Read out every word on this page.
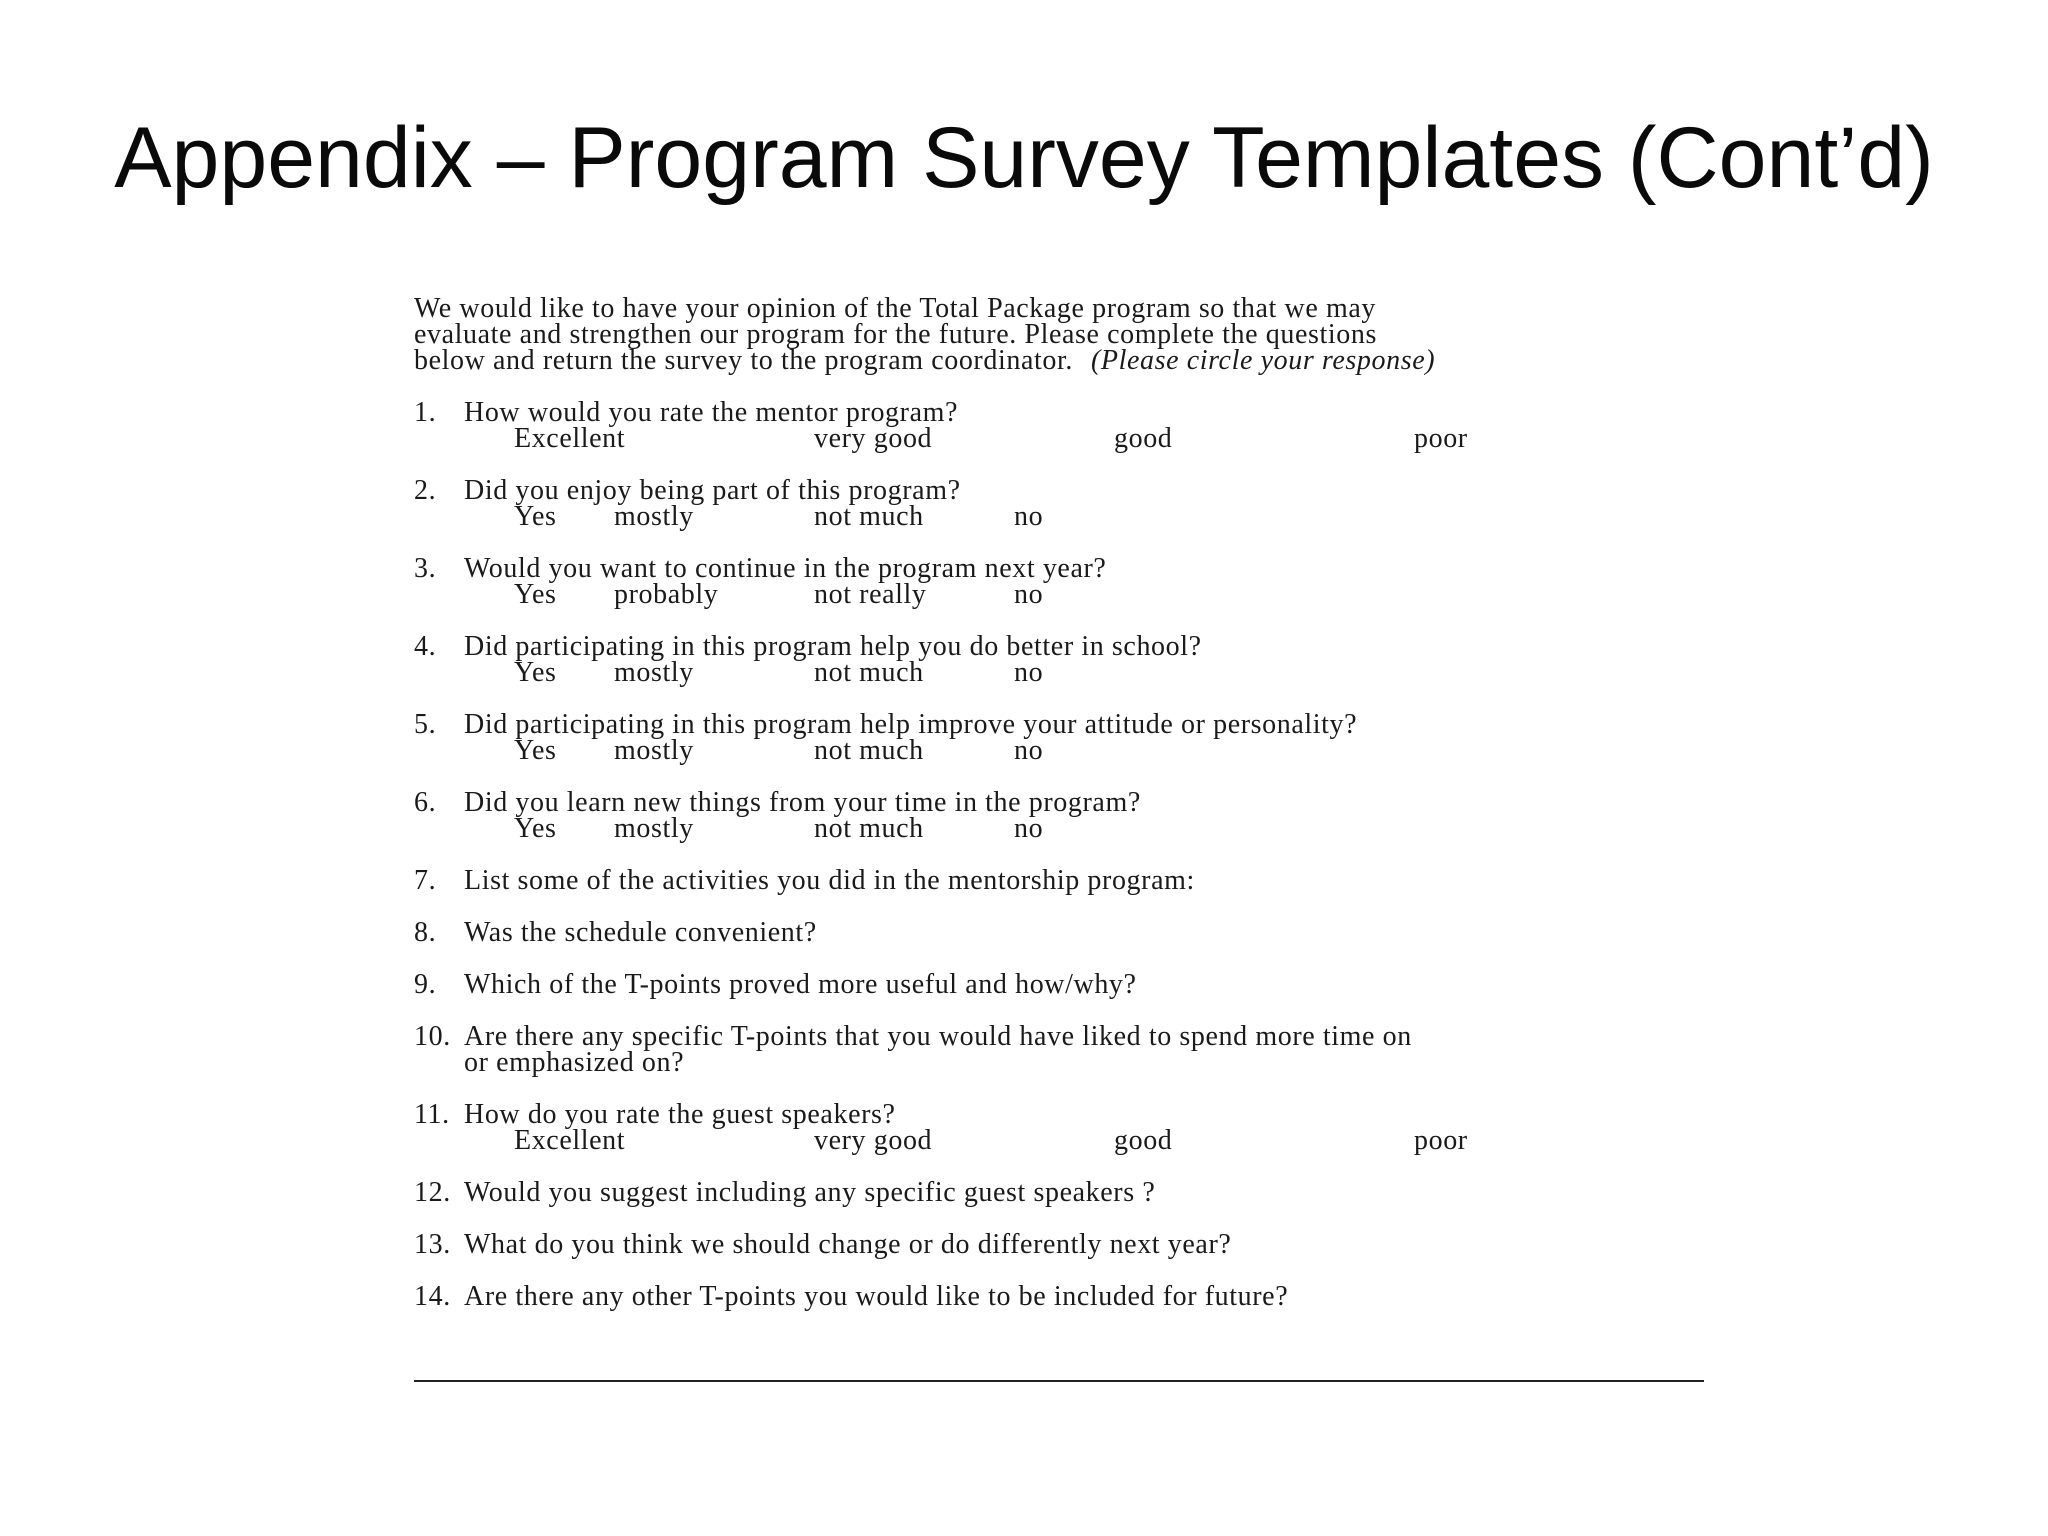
Appendix – Program Survey Templates (Cont’d)

We would like to have your opinion of the Total Package program so that we may
evaluate and strengthen our program for the future. Please complete the questions
below and return the survey to the program coordinator. (Please circle your response)

1. How would you rate the mentor program?
Excellent	very good	good	poor
2. Did you enjoy being part of this program?
Yes mostly	not much	no
3. Would you want to continue in the program next year?
Yes probably	not really	no
4. Did participating in this program help you do better in school?
Yes mostly	not much	no
5. Did participating in this program help improve your attitude or personality?
Yes mostly	not much	no
6. Did you learn new things from your time in the program?
Yes mostly	not much	no
7. List some of the activities you did in the mentorship program:
8. Was the schedule convenient?
9. Which of the T-points proved more useful and how/why?
10. Are there any specific T-points that you would have liked to spend more time on
or emphasized on?
11. How do you rate the guest speakers?
Excellent	very good	good	poor
12. Would you suggest including any specific guest speakers ?
13. What do you think we should change or do differently next year?
14. Are there any other T-points you would like to be included for future?
